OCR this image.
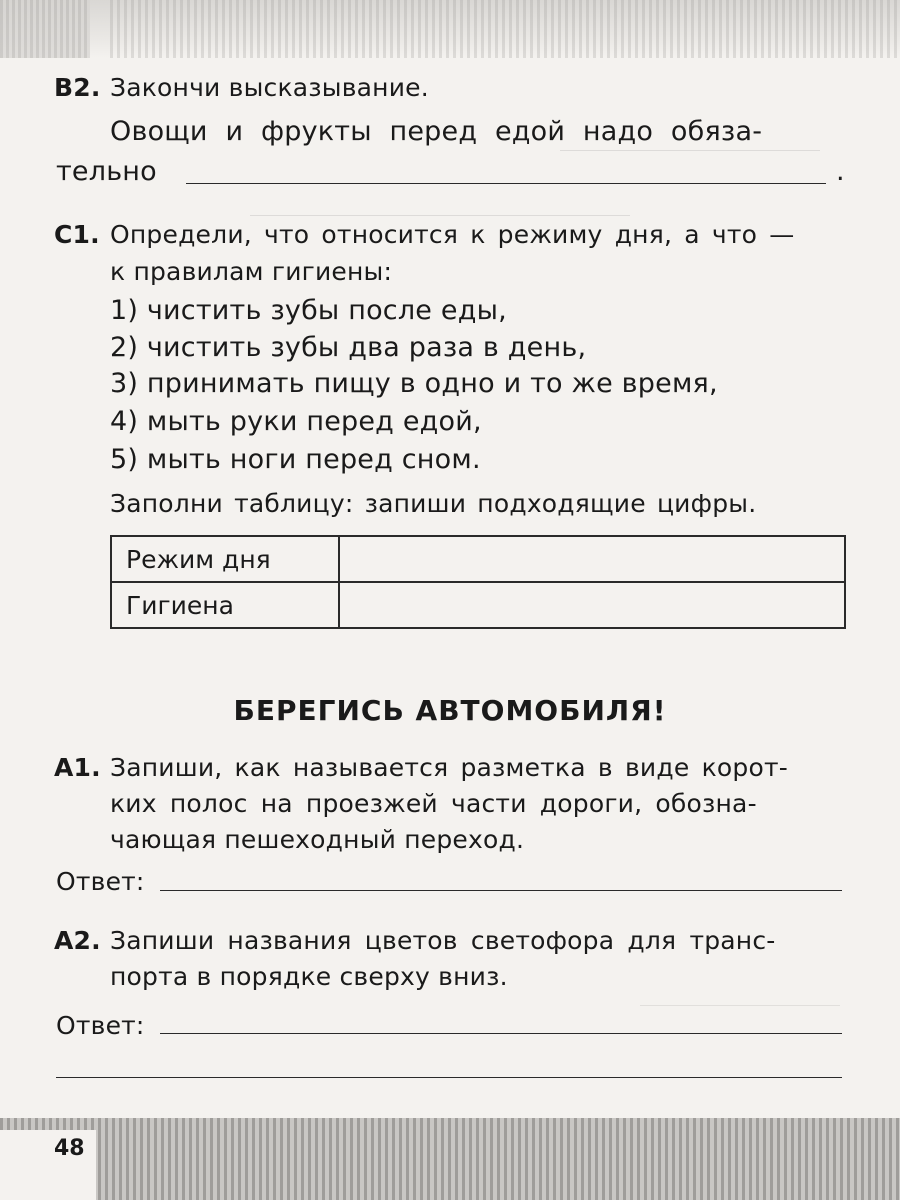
B2. Закончи высказывание.
Овощи и фрукты перед едой надо обяза-
тельно	.
C1. Определи, что относится к режиму дня, а что —
к правилам гигиены:
1) чистить зубы после еды,
2) чистить зубы два раза в день,
3) принимать пищу в одно и то же время,
4) мыть руки перед едой,
5) мыть ноги перед сном.
Заполни таблицу: запиши подходящие цифры.
Режим дня	
Гигиена	
БЕРЕГИСЬ АВТОМОБИЛЯ!
A1. Запиши, как называется разметка в виде корот-
ких полос на проезжей части дороги, обозна-
чающая пешеходный переход.
Ответ:
A2. Запиши названия цветов светофора для транс-
порта в порядке сверху вниз.
Ответ:
48
